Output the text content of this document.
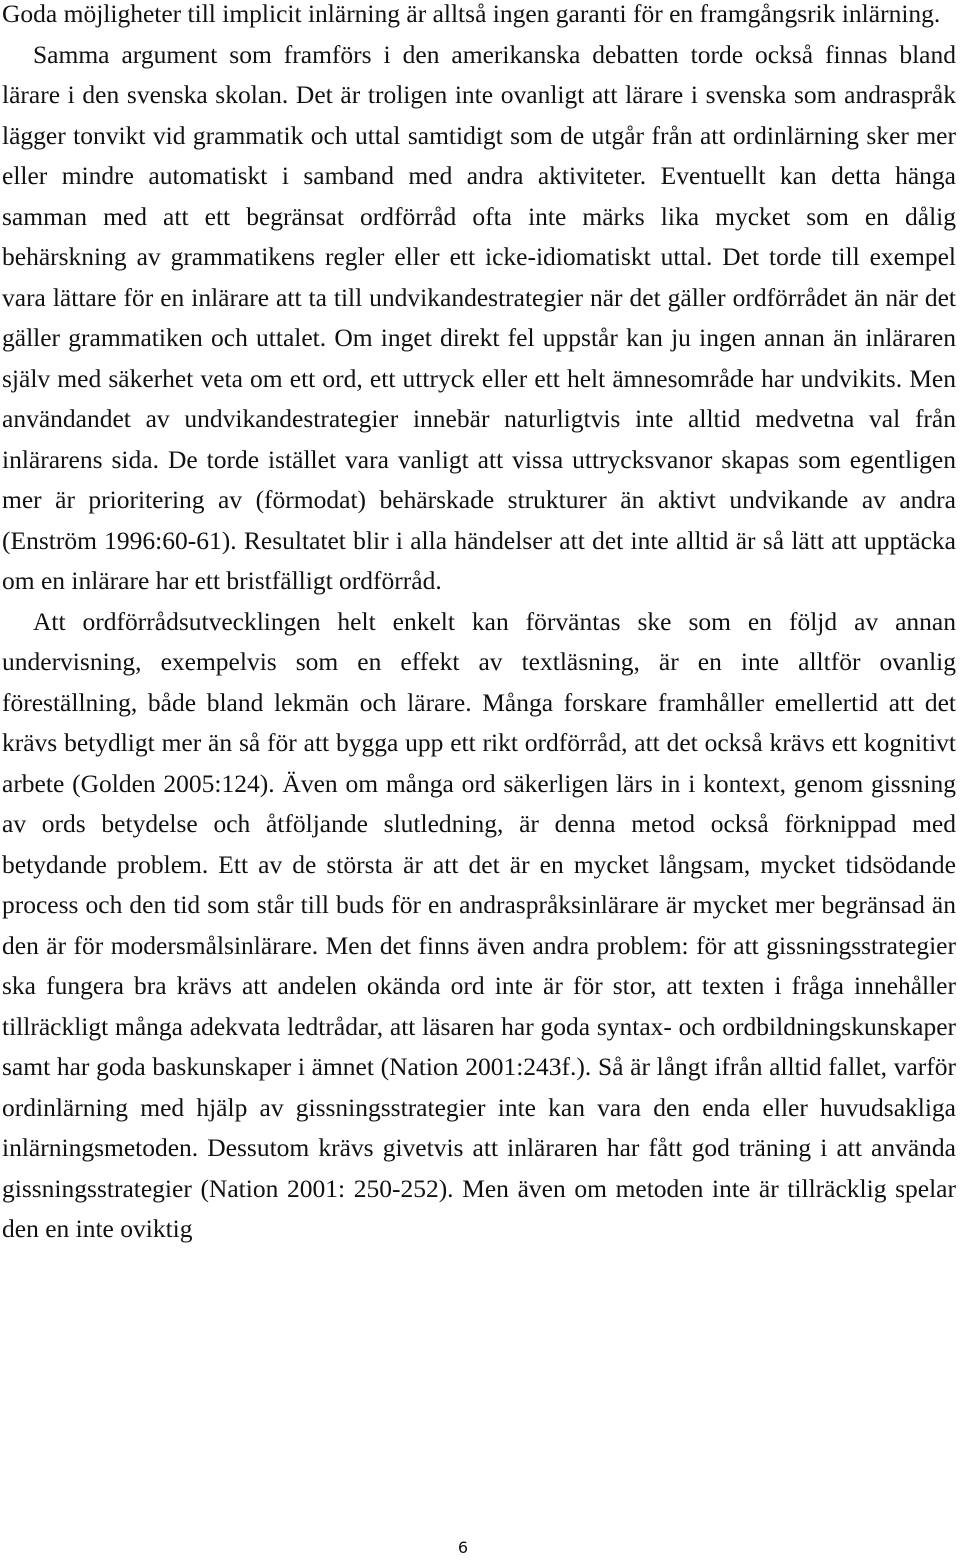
Goda möjligheter till implicit inlärning är alltså ingen garanti för en framgångsrik inlärning.

Samma argument som framförs i den amerikanska debatten torde också finnas bland lärare i den svenska skolan. Det är troligen inte ovanligt att lärare i svenska som andraspråk lägger tonvikt vid grammatik och uttal samtidigt som de utgår från att ordinlärning sker mer eller mindre automatiskt i samband med andra aktiviteter. Eventuellt kan detta hänga samman med att ett begränsat ordförråd ofta inte märks lika mycket som en dålig behärskning av grammatikens regler eller ett icke-idiomatiskt uttal. Det torde till exempel vara lättare för en inlärare att ta till undvikandestrategier när det gäller ordförrådet än när det gäller grammatiken och uttalet. Om inget direkt fel uppstår kan ju ingen annan än inläraren själv med säkerhet veta om ett ord, ett uttryck eller ett helt ämnesområde har undvikits. Men användandet av undvikandestrategier innebär naturligtvis inte alltid medvetna val från inlärarens sida. De torde istället vara vanligt att vissa uttrycksvanor skapas som egentligen mer är prioritering av (förmodat) behärskade strukturer än aktivt undvikande av andra (Enström 1996:60-61). Resultatet blir i alla händelser att det inte alltid är så lätt att upptäcka om en inlärare har ett bristfälligt ordförråd.

Att ordförrådsutvecklingen helt enkelt kan förväntas ske som en följd av annan undervisning, exempelvis som en effekt av textläsning, är en inte alltför ovanlig föreställning, både bland lekmän och lärare. Många forskare framhåller emellertid att det krävs betydligt mer än så för att bygga upp ett rikt ordförråd, att det också krävs ett kognitivt arbete (Golden 2005:124). Även om många ord säkerligen lärs in i kontext, genom gissning av ords betydelse och åtföljande slutledning, är denna metod också förknippad med betydande problem. Ett av de största är att det är en mycket långsam, mycket tidsödande process och den tid som står till buds för en andraspråksinlärare är mycket mer begränsad än den är för modersmålsinlärare. Men det finns även andra problem: för att gissningsstrategier ska fungera bra krävs att andelen okända ord inte är för stor, att texten i fråga innehåller tillräckligt många adekvata ledtrådar, att läsaren har goda syntax- och ordbildningskunskaper samt har goda baskunskaper i ämnet (Nation 2001:243f.). Så är långt ifrån alltid fallet, varför ordinlärning med hjälp av gissningsstrategier inte kan vara den enda eller huvudsakliga inlärningsmetoden. Dessutom krävs givetvis att inläraren har fått god träning i att använda gissningsstrategier (Nation 2001: 250-252). Men även om metoden inte är tillräcklig spelar den en inte oviktig

6
